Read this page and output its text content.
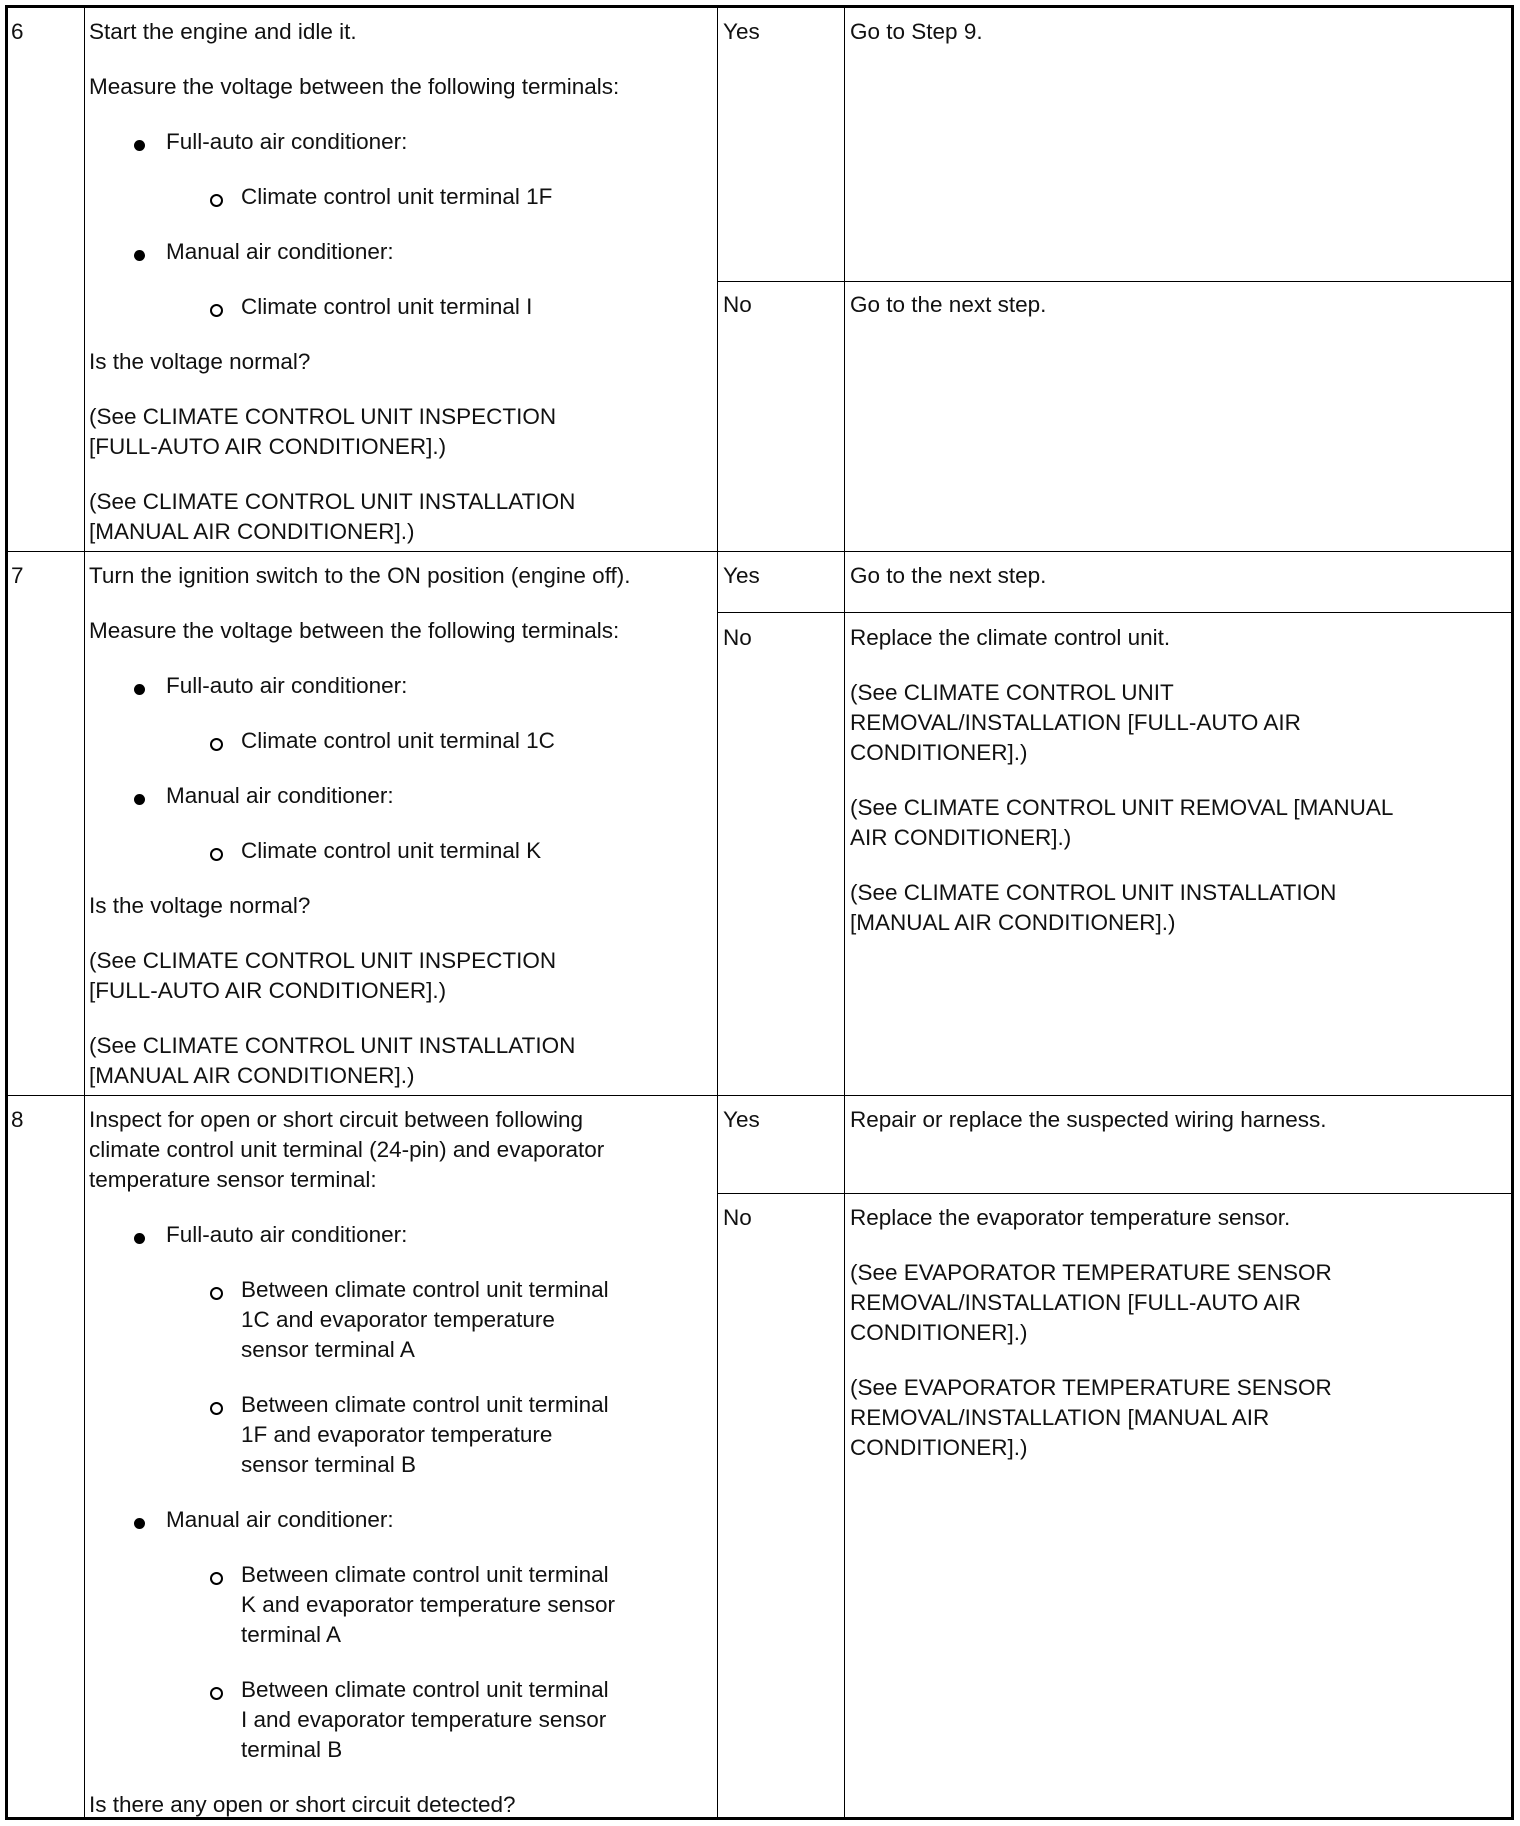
6	Start the engine and idle it.
Measure the voltage between the following terminals:
Full-auto air conditioner:
Climate control unit terminal 1F
Manual air conditioner:
Climate control unit terminal I
Is the voltage normal?
(See CLIMATE CONTROL UNIT INSPECTION
[FULL-AUTO AIR CONDITIONER].)
(See CLIMATE CONTROL UNIT INSTALLATION
[MANUAL AIR CONDITIONER].)
Yes	Go to Step 9.
No	Go to the next step.
7	Turn the ignition switch to the ON position (engine off).
Measure the voltage between the following terminals:
Full-auto air conditioner:
Climate control unit terminal 1C
Manual air conditioner:
Climate control unit terminal K
Is the voltage normal?
(See CLIMATE CONTROL UNIT INSPECTION
[FULL-AUTO AIR CONDITIONER].)
(See CLIMATE CONTROL UNIT INSTALLATION
[MANUAL AIR CONDITIONER].)
Yes	Go to the next step.
No	Replace the climate control unit.
(See CLIMATE CONTROL UNIT
REMOVAL/INSTALLATION [FULL-AUTO AIR
CONDITIONER].)
(See CLIMATE CONTROL UNIT REMOVAL [MANUAL
AIR CONDITIONER].)
(See CLIMATE CONTROL UNIT INSTALLATION
[MANUAL AIR CONDITIONER].)
8	Inspect for open or short circuit between following
climate control unit terminal (24-pin) and evaporator
temperature sensor terminal:
Full-auto air conditioner:
Between climate control unit terminal
1C and evaporator temperature
sensor terminal A
Between climate control unit terminal
1F and evaporator temperature
sensor terminal B
Manual air conditioner:
Between climate control unit terminal
K and evaporator temperature sensor
terminal A
Between climate control unit terminal
I and evaporator temperature sensor
terminal B
Is there any open or short circuit detected?
Yes	Repair or replace the suspected wiring harness.
No	Replace the evaporator temperature sensor.
(See EVAPORATOR TEMPERATURE SENSOR
REMOVAL/INSTALLATION [FULL-AUTO AIR
CONDITIONER].)
(See EVAPORATOR TEMPERATURE SENSOR
REMOVAL/INSTALLATION [MANUAL AIR
CONDITIONER].)
